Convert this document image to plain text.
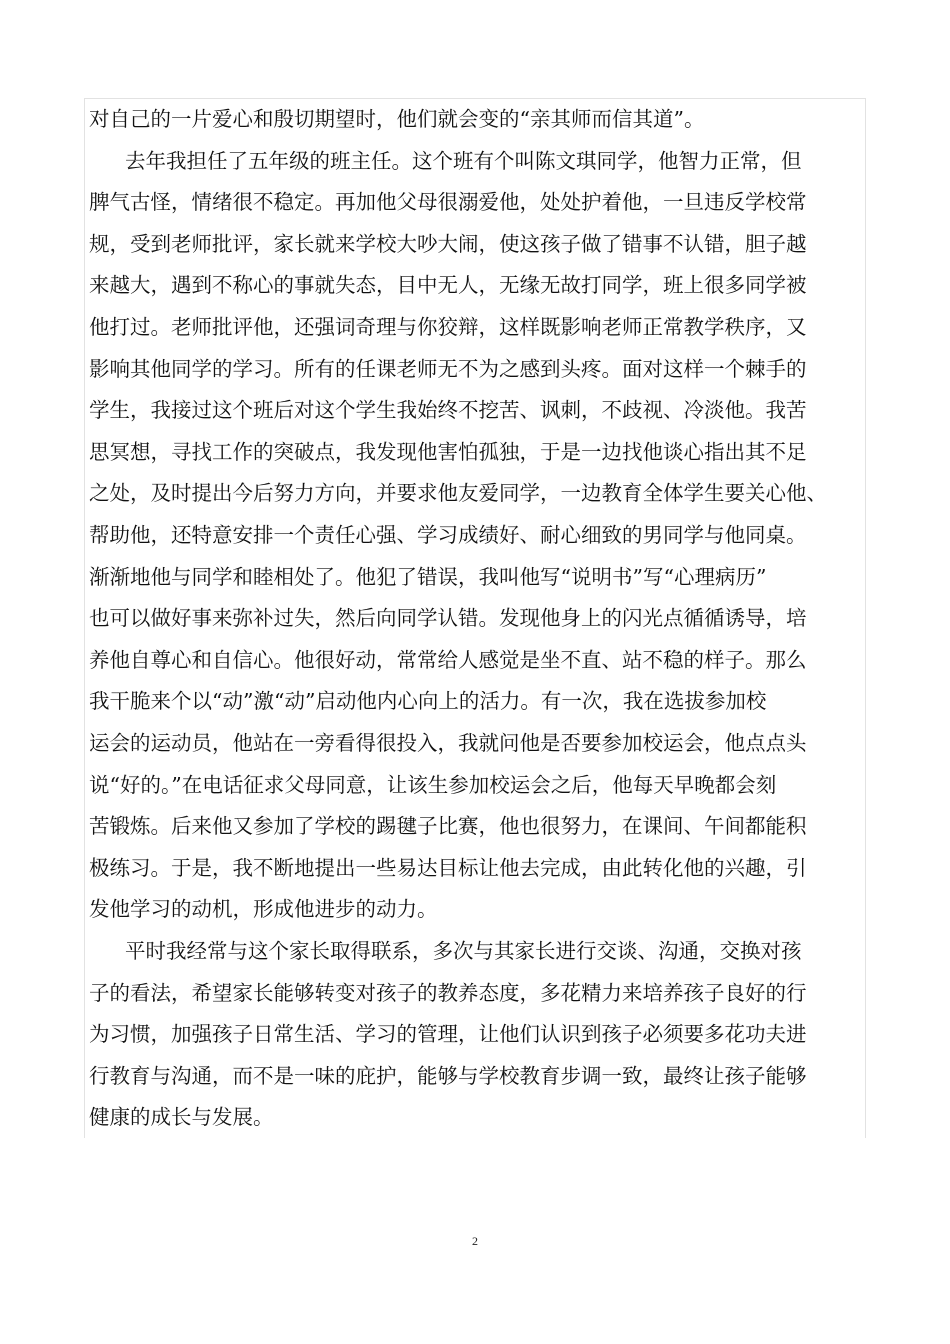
对自己的一片爱心和殷切期望时，他们就会变的“亲其师而信其道”。
去年我担任了五年级的班主任。这个班有个叫陈文琪同学，他智力正常，但
脾气古怪，情绪很不稳定。再加他父母很溺爱他，处处护着他，一旦违反学校常
规，受到老师批评，家长就来学校大吵大闹，使这孩子做了错事不认错，胆子越
来越大，遇到不称心的事就失态，目中无人，无缘无故打同学，班上很多同学被
他打过。老师批评他，还强词奇理与你狡辩，这样既影响老师正常教学秩序，又
影响其他同学的学习。所有的任课老师无不为之感到头疼。面对这样一个棘手的
学生，我接过这个班后对这个学生我始终不挖苦、讽刺，不歧视、冷淡他。我苦
思冥想，寻找工作的突破点，我发现他害怕孤独，于是一边找他谈心指出其不足
之处，及时提出今后努力方向，并要求他友爱同学，一边教育全体学生要关心他、
帮助他，还特意安排一个责任心强、学习成绩好、耐心细致的男同学与他同桌。
渐渐地他与同学和睦相处了。他犯了错误，我叫他写“说明书”写“心理病历”
也可以做好事来弥补过失，然后向同学认错。发现他身上的闪光点循循诱导，培
养他自尊心和自信心。他很好动，常常给人感觉是坐不直、站不稳的样子。那么
我干脆来个以“动”激“动”启动他内心向上的活力。有一次，我在选拔参加校
运会的运动员，他站在一旁看得很投入，我就问他是否要参加校运会，他点点头
说“好的。”在电话征求父母同意，让该生参加校运会之后，他每天早晚都会刻
苦锻炼。后来他又参加了学校的踢毽子比赛，他也很努力，在课间、午间都能积
极练习。于是，我不断地提出一些易达目标让他去完成，由此转化他的兴趣，引
发他学习的动机，形成他进步的动力。
平时我经常与这个家长取得联系，多次与其家长进行交谈、沟通，交换对孩
子的看法，希望家长能够转变对孩子的教养态度，多花精力来培养孩子良好的行
为习惯，加强孩子日常生活、学习的管理，让他们认识到孩子必须要多花功夫进
行教育与沟通，而不是一味的庇护，能够与学校教育步调一致，最终让孩子能够
健康的成长与发展。
2
